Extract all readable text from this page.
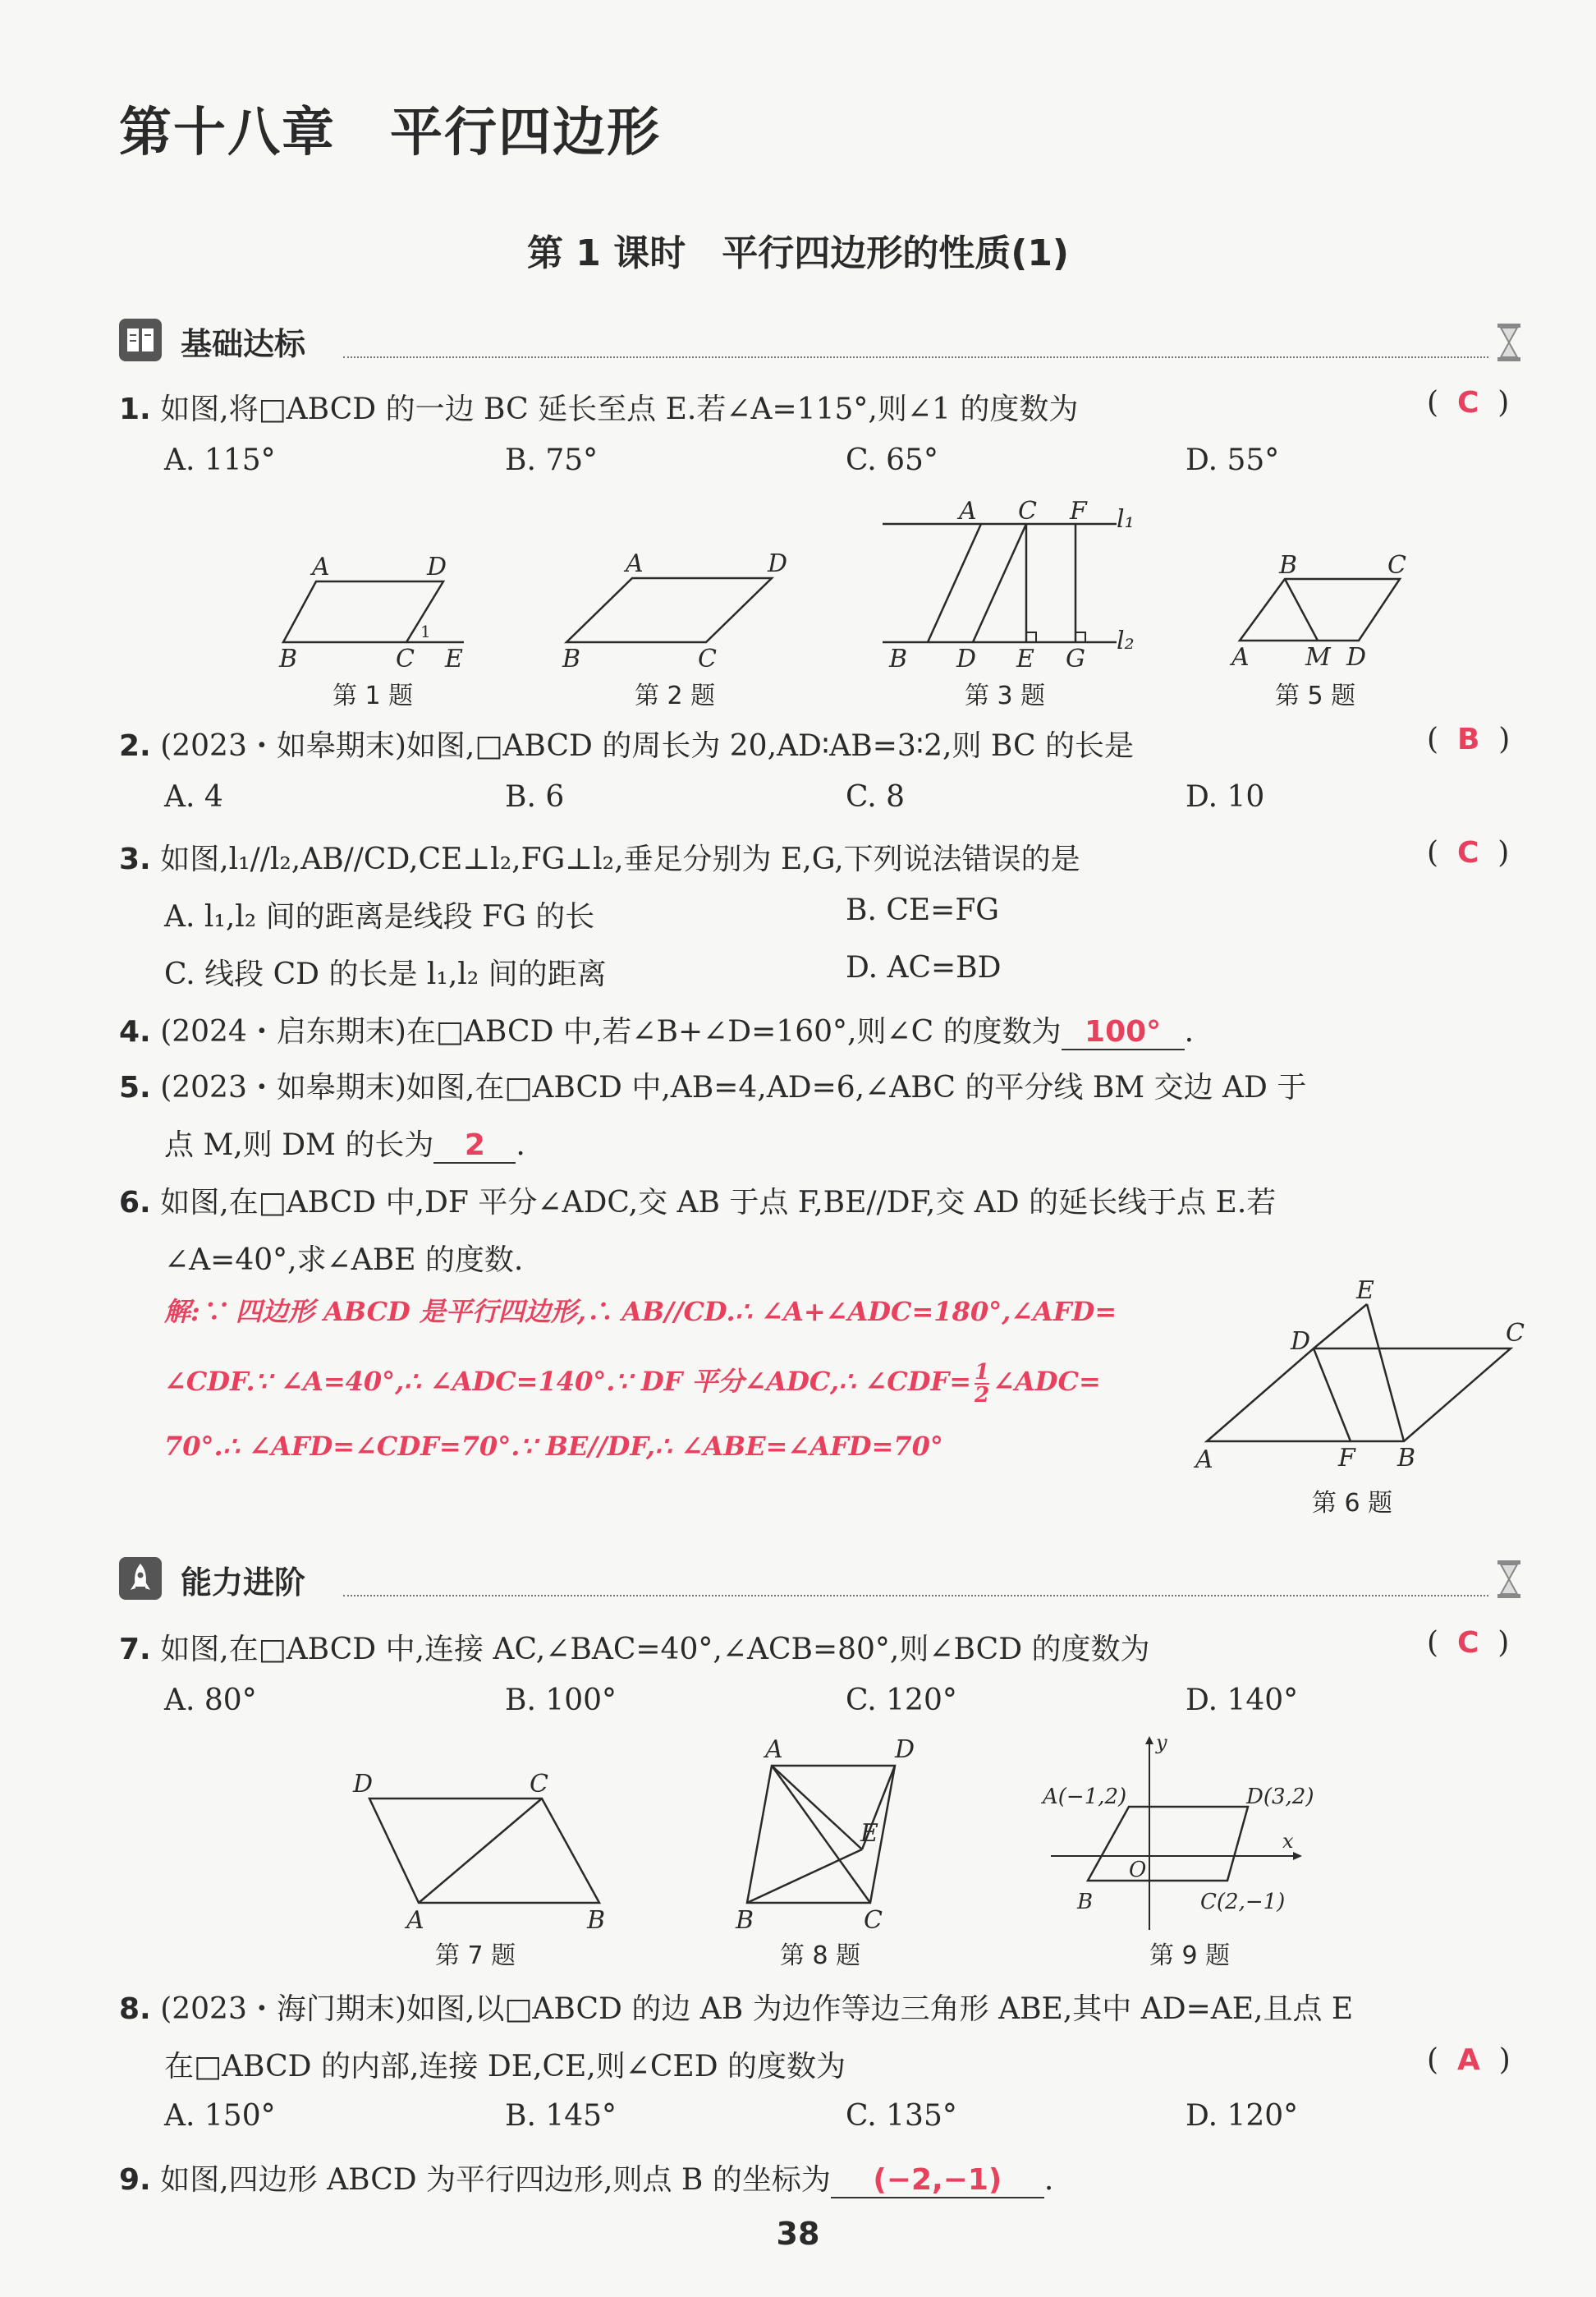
第十八章　平行四边形
第 1 课时　平行四边形的性质(1)
基础达标
1. 如图,将□ABCD 的一边 BC 延长至点 E.若∠A=115°,则∠1 的度数为	(  C  )
A. 115°	B. 75°	C. 65°	D. 55°
A	D
B	C E
1
A	D
B	C
A C F l₁
B D E G
l₂
B	C
A M D
第 1 题	第 2 题	第 3 题	第 5 题
2. (2023・如皋期末)如图,□ABCD 的周长为 20,AD∶AB=3∶2,则 BC 的长是	(  B  )
A. 4	B. 6	C. 8	D. 10
3. 如图,l₁//l₂,AB//CD,CE⊥l₂,FG⊥l₂,垂足分别为 E,G,下列说法错误的是	(  C  )
A. l₁,l₂ 间的距离是线段 FG 的长	B. CE=FG
C. 线段 CD 的长是 l₁,l₂ 间的距离	D. AC=BD
4. (2024・启东期末)在□ABCD 中,若∠B+∠D=160°,则∠C 的度数为 100° .
5. (2023・如皋期末)如图,在□ABCD 中,AB=4,AD=6,∠ABC 的平分线 BM 交边 AD 于
点 M,则 DM 的长为 2 .
6. 如图,在□ABCD 中,DF 平分∠ADC,交 AB 于点 F,BE//DF,交 AD 的延长线于点 E.若
∠A=40°,求∠ABE 的度数.
解:∵ 四边形 ABCD 是平行四边形,∴ AB//CD.∴ ∠A+∠ADC=180°,∠AFD=
∠CDF.∵ ∠A=40°,∴ ∠ADC=140°.∵ DF 平分∠ADC,∴ ∠CDF= $\frac{1}{2}$ ∠ADC=
70°.∴ ∠AFD=∠CDF=70°.∵ BE//DF,∴ ∠ABE=∠AFD=70°
E
D	C
A	F B
第 6 题
能力进阶
7. 如图,在□ABCD 中,连接 AC,∠BAC=40°,∠ACB=80°,则∠BCD 的度数为	(  C  )
A. 80°	B. 100°	C. 120°	D. 140°
D	C
A	B
A	D
E
B	C
A(−1,2)	D(3,2)
y
x
O
B	C(2,−1)
第 7 题	第 8 题	第 9 题
8. (2023・海门期末)如图,以□ABCD 的边 AB 为边作等边三角形 ABE,其中 AD=AE,且点 E
在□ABCD 的内部,连接 DE,CE,则∠CED 的度数为	(  A  )
A. 150°	B. 145°	C. 135°	D. 120°
9. 如图,四边形 ABCD 为平行四边形,则点 B 的坐标为 (−2,−1) .
38
